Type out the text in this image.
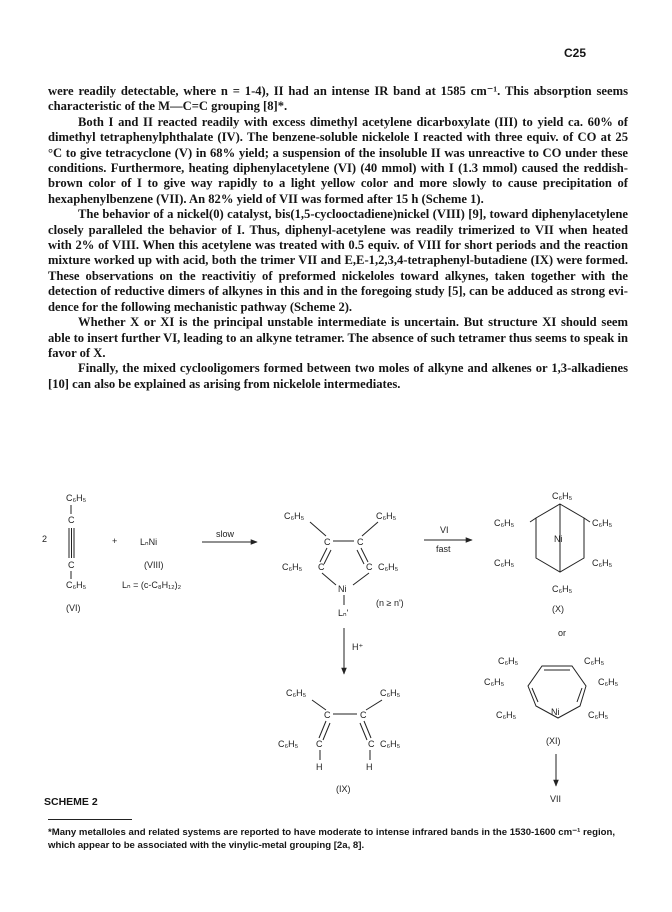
C25

were readily detectable, where n = 1-4), II had an intense IR band at 1585 cm⁻¹. This absorption seems characteristic of the M—C=C grouping [8]*.

Both I and II reacted readily with excess dimethyl acetylene dicarboxylate (III) to yield ca. 60% of dimethyl tetraphenylphthalate (IV). The benzene-soluble nickelole I reacted with three equiv. of CO at 25 °C to give tetracyclone (V) in 68% yield; a suspension of the insoluble II was unreactive to CO under these conditions. Furthermore, heating diphenylacetylene (VI) (40 mmol) with I (1.3 mmol) caused the reddish-brown color of I to give way rapidly to a light yellow color and more slowly to cause precipitation of hexaphenylbenzene (VII). An 82% yield of VII was formed after 15 h (Scheme 1).

The behavior of a nickel(0) catalyst, bis(1,5-cyclooctadiene)nickel (VIII) [9], toward diphenylacetylene closely paralleled the behavior of I. Thus, diphenyl-acetylene was readily trimerized to VII when heated with 2% of VIII. When this acetylene was treated with 0.5 equiv. of VIII for short periods and the reaction mixture worked up with acid, both the trimer VII and E,E-1,2,3,4-tetraphenyl-butadiene (IX) were formed. These observations on the reactivitiy of preformed nickeloles toward alkynes, taken together with the detection of reductive dimers of alkynes in this and in the foregoing study [5], can be adduced as strong evi-dence for the following mechanistic pathway (Scheme 2).

Whether X or XI is the principal unstable intermediate is uncertain. But structure XI should seem able to insert further VI, leading to an alkyne tetramer. The absence of such tetramer thus seems to speak in favor of X.

Finally, the mixed cyclooligomers formed between two moles of alkyne and alkenes or 1,3-alkadienes [10] can also be explained as arising from nickelole intermediates.

2
C₆H₅
C
C
C₆H₅
(VI)
+	LₙNi
(VIII)
Lₙ = (c-C₈H₁₂)₂
slow
C₆H₅	C₆H₅
C	C
C₆H₅ C	C C₆H₅
Ni
Lₙ'
(n ≥ n')
VI
fast
C₆H₅
C₆H₅	C₆H₅
C₆H₅	C₆H₅
C₆H₅
Ni
(X)
or
H⁺
C₆H₅	C₆H₅
C	C
C₆H₅ C	C C₆H₅
H	H
(IX)
C₆H₅	C₆H₅
C₆H₅	C₆H₅
C₆H₅	C₆H₅
Ni
(XI)
VII
SCHEME 2
*Many metalloles and related systems are reported to have moderate to intense infrared bands in the 1530-1600 cm⁻¹ region, which appear to be associated with the vinylic-metal grouping [2a, 8].
